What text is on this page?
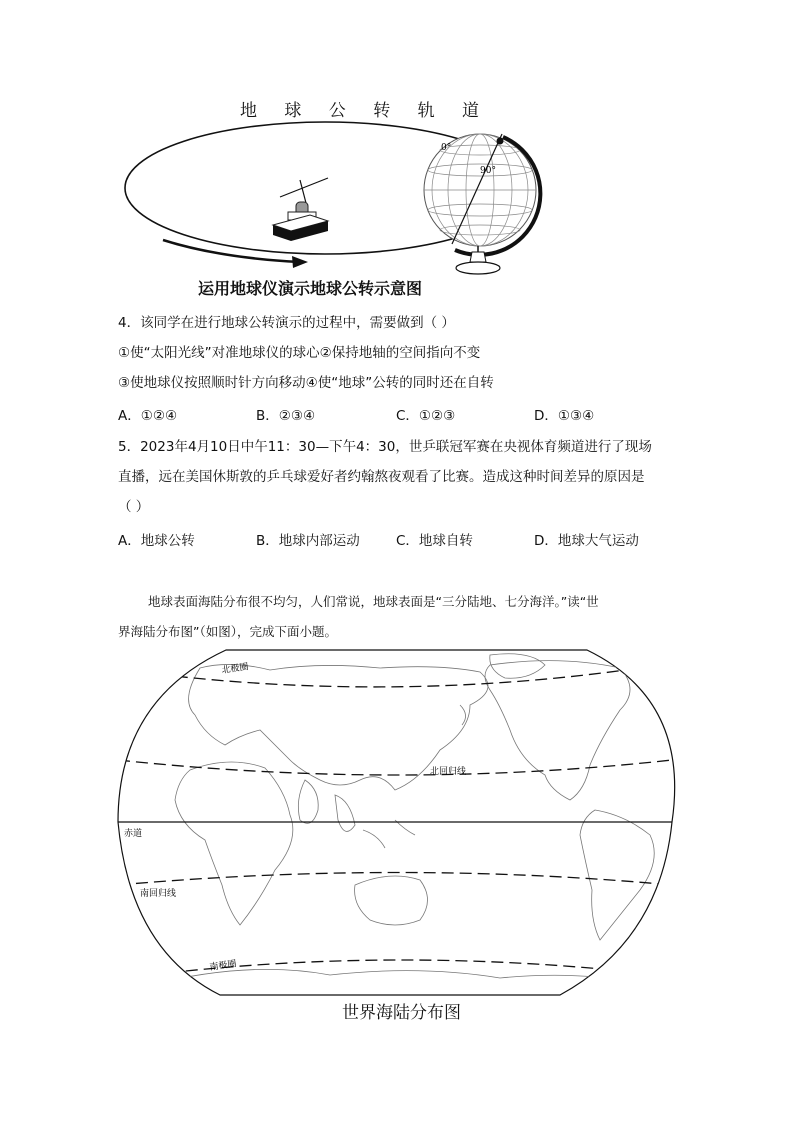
地 球 公 转 轨 道
0°
90°
运用地球仪演示地球公转示意图
4．该同学在进行地球公转演示的过程中，需要做到（ ）
①使“太阳光线”对准地球仪的球心②保持地轴的空间指向不变
③使地球仪按照顺时针方向移动④使“地球”公转的同时还在自转
A．①②④	B．②③④	C．①②③	D．①③④
5．2023年4月10日中午11：30—下午4：30，世乒联冠军赛在央视体育频道进行了现场
直播，远在美国休斯敦的乒乓球爱好者约翰熬夜观看了比赛。造成这种时间差异的原因是
（ ）
A．地球公转	B．地球内部运动	C．地球自转	D．地球大气运动
地球表面海陆分布很不均匀，人们常说，地球表面是“三分陆地、七分海洋。”读“世
界海陆分布图”（如图），完成下面小题。
北极圈
北回归线
赤道
南回归线
南极圈
世界海陆分布图
